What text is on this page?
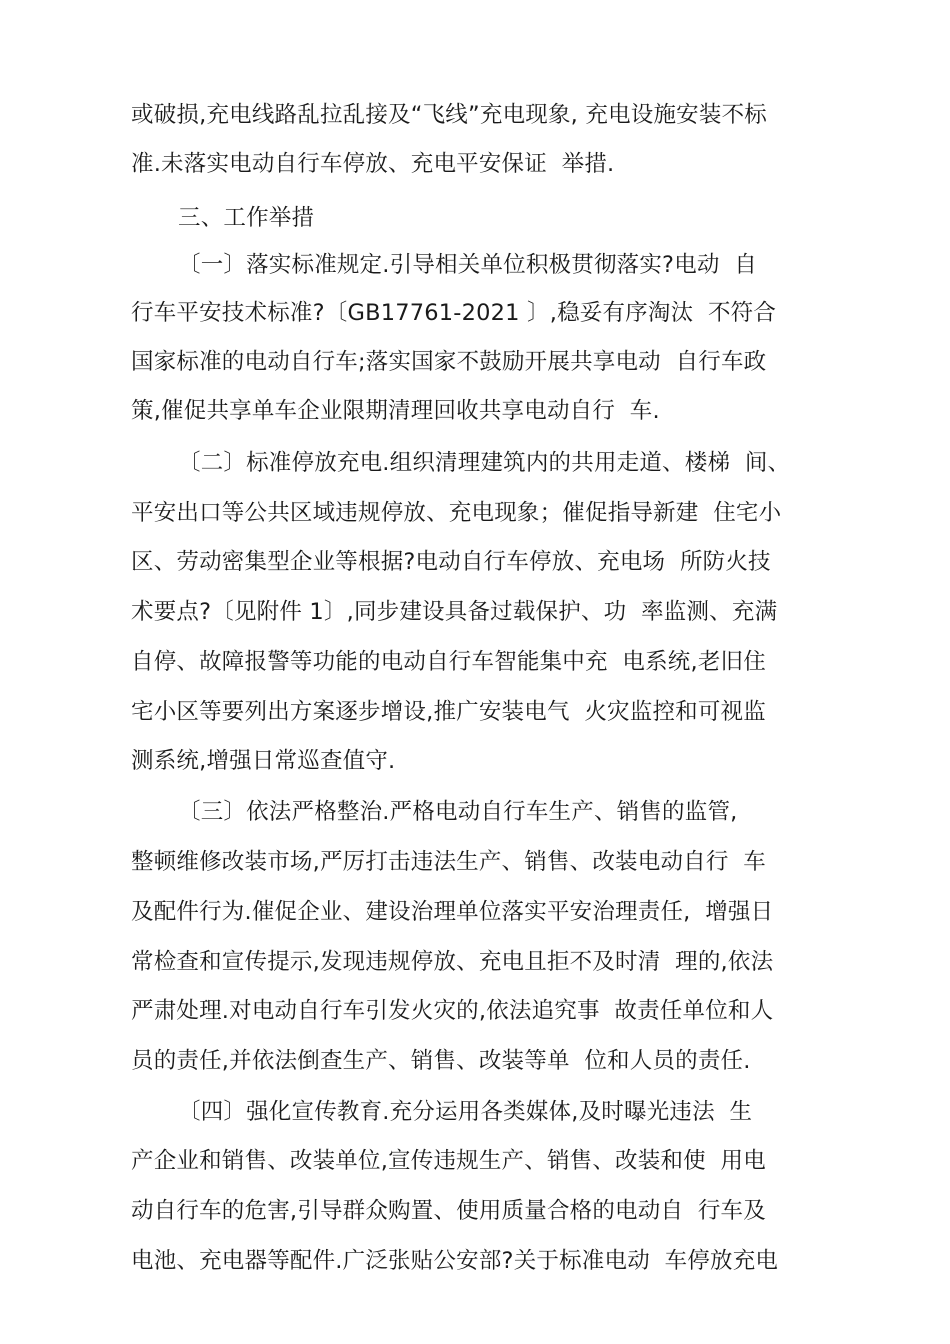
或破损,充电线路乱拉乱接及“飞线”充电现象, 充电设施安装不标
准.未落实电动自行车停放、充电平安保证  举措.
三、工作举措
〔一〕落实标准规定.引导相关单位积极贯彻落实?电动  自
行车平安技术标准?〔GB17761-2021 〕,稳妥有序淘汰  不符合
国家标准的电动自行车;落实国家不鼓励开展共享电动  自行车政
策,催促共享单车企业限期清理回收共享电动自行  车.
〔二〕标准停放充电.组织清理建筑内的共用走道、楼梯  间、
平安出口等公共区域违规停放、充电现象；催促指导新建  住宅小
区、劳动密集型企业等根据?电动自行车停放、充电场  所防火技
术要点?〔见附件 1〕,同步建设具备过载保护、功  率监测、充满
自停、故障报警等功能的电动自行车智能集中充  电系统,老旧住
宅小区等要列出方案逐步增设,推广安装电气  火灾监控和可视监
测系统,增强日常巡查值守.
〔三〕依法严格整治.严格电动自行车生产、销售的监管,
整顿维修改装市场,严厉打击违法生产、销售、改装电动自行  车
及配件行为.催促企业、建设治理单位落实平安治理责任,  增强日
常检查和宣传提示,发现违规停放、充电且拒不及时清  理的,依法
严肃处理.对电动自行车引发火灾的,依法追究事  故责任单位和人
员的责任,并依法倒查生产、销售、改装等单  位和人员的责任.
〔四〕强化宣传教育.充分运用各类媒体,及时曝光违法  生
产企业和销售、改装单位,宣传违规生产、销售、改装和使  用电
动自行车的危害,引导群众购置、使用质量合格的电动自  行车及
电池、充电器等配件.广泛张贴公安部?关于标准电动  车停放充电
